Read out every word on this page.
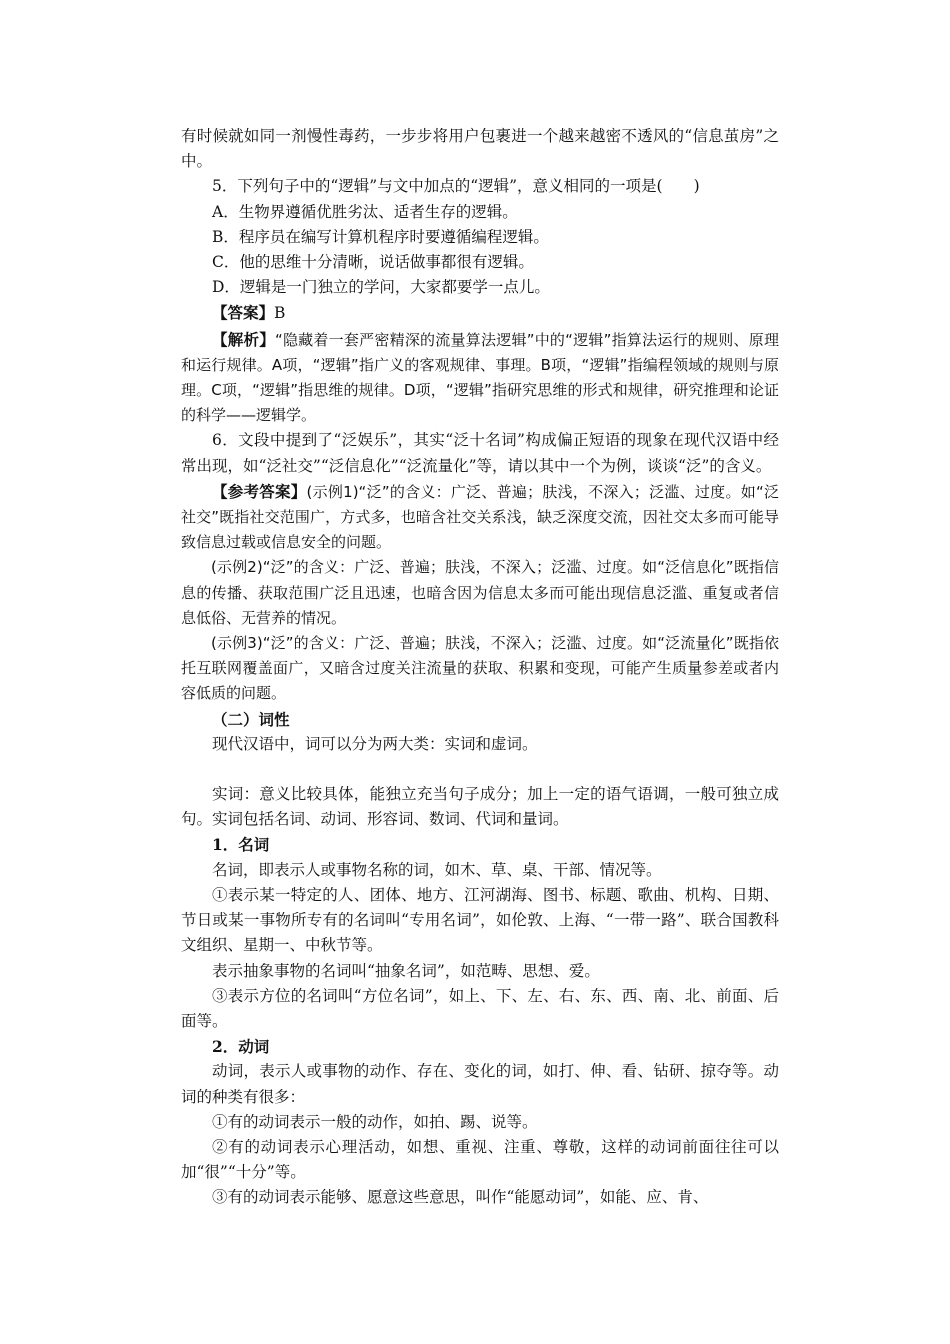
有时候就如同一剂慢性毒药，一步步将用户包裹进一个越来越密不透风的“信息茧房”之中。

5．下列句子中的“逻辑”与文中加点的“逻辑”，意义相同的一项是(　　)

A．生物界遵循优胜劣汰、适者生存的逻辑。

B．程序员在编写计算机程序时要遵循编程逻辑。

C．他的思维十分清晰，说话做事都很有逻辑。

D．逻辑是一门独立的学问，大家都要学一点儿。

【答案】B

【解析】“隐藏着一套严密精深的流量算法逻辑”中的“逻辑”指算法运行的规则、原理和运行规律。A项，“逻辑”指广义的客观规律、事理。B项，“逻辑”指编程领域的规则与原理。C项，“逻辑”指思维的规律。D项，“逻辑”指研究思维的形式和规律，研究推理和论证的科学——逻辑学。

6．文段中提到了“泛娱乐”，其实“泛十名词”构成偏正短语的现象在现代汉语中经常出现，如“泛社交”“泛信息化”“泛流量化”等，请以其中一个为例，谈谈“泛”的含义。

【参考答案】(示例1)“泛”的含义：广泛、普遍；肤浅，不深入；泛滥、过度。如“泛社交”既指社交范围广，方式多，也暗含社交关系浅，缺乏深度交流，因社交太多而可能导致信息过载或信息安全的问题。

(示例2)“泛”的含义：广泛、普遍；肤浅，不深入；泛滥、过度。如“泛信息化”既指信息的传播、获取范围广泛且迅速，也暗含因为信息太多而可能出现信息泛滥、重复或者信息低俗、无营养的情况。

(示例3)“泛”的含义：广泛、普遍；肤浅，不深入；泛滥、过度。如“泛流量化”既指依托互联网覆盖面广，又暗含过度关注流量的获取、积累和变现，可能产生质量参差或者内容低质的问题。

（二）词性

现代汉语中，词可以分为两大类：实词和虚词。

实词：意义比较具体，能独立充当句子成分；加上一定的语气语调，一般可独立成句。实词包括名词、动词、形容词、数词、代词和量词。

1．名词

名词，即表示人或事物名称的词，如木、草、桌、干部、情况等。

①表示某一特定的人、团体、地方、江河湖海、图书、标题、歌曲、机构、日期、节日或某一事物所专有的名词叫“专用名词”，如伦敦、上海、“一带一路”、联合国教科文组织、星期一、中秋节等。

表示抽象事物的名词叫“抽象名词”，如范畴、思想、爱。

③表示方位的名词叫“方位名词”，如上、下、左、右、东、西、南、北、前面、后面等。

2．动词

动词，表示人或事物的动作、存在、变化的词，如打、伸、看、钻研、掠夺等。动词的种类有很多：

①有的动词表示一般的动作，如拍、踢、说等。

②有的动词表示心理活动，如想、重视、注重、尊敬，这样的动词前面往往可以加“很”“十分”等。

③有的动词表示能够、愿意这些意思，叫作“能愿动词”，如能、应、肯、
